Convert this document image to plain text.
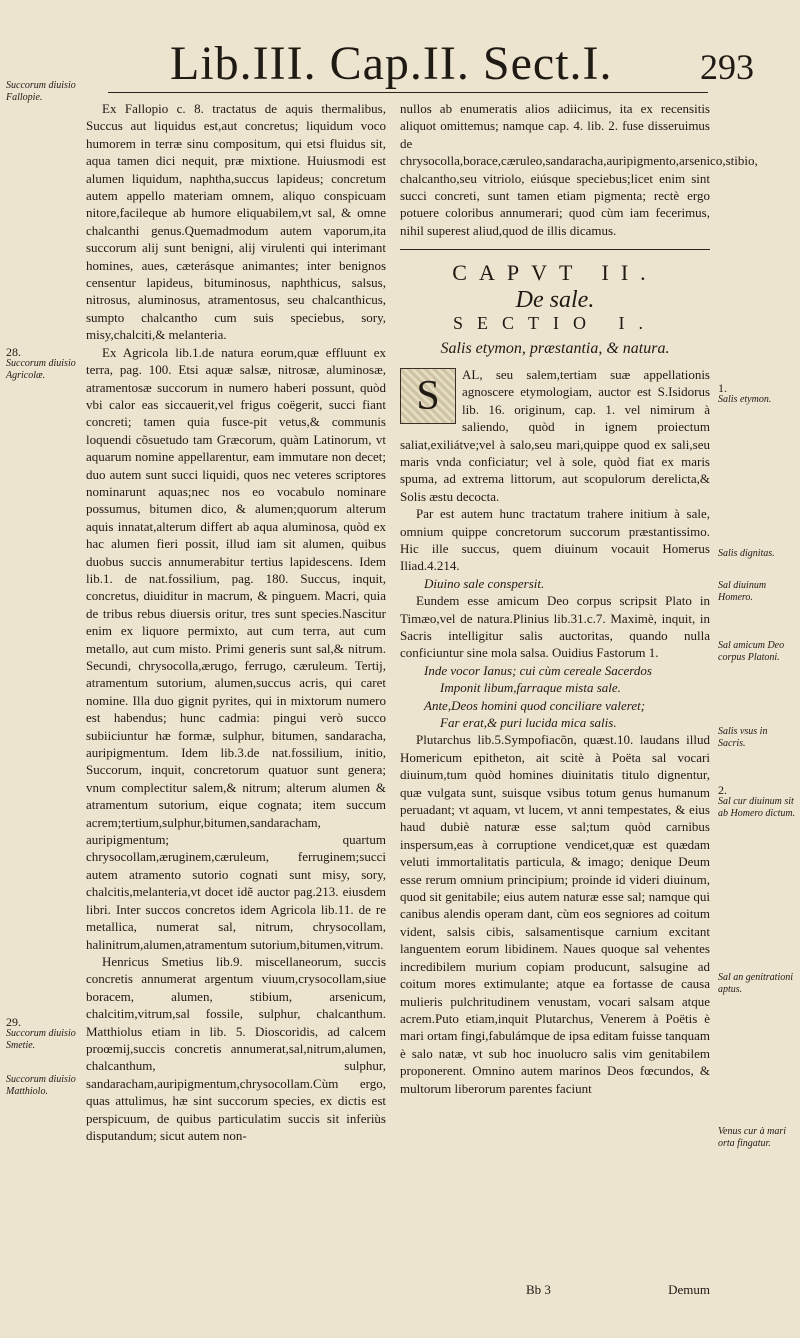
Lib.III. Cap.II. Sect.I. 293
Succorum diuisio Fallopie.
28.
Succorum diuisio Agricolæ.
29.
Succorum diuisio Smetie.
Succorum diuisio Matthiolo.
1.
Salis etymon.
Salis dignitas.
Sal diuinum Homero.
Sal amicum Deo corpus Platoni.
Salis vsus in Sacris.
2.
Sal cur diuinum sit ab Homero dictum.
Sal an genitrationi aptus.
Venus cur à mari orta fingatur.

Ex Fallopio c. 8. tractatus de aquis thermalibus, Succus aut liquidus est,aut concretus; liquidum voco humorem in terræ sinu compositum, qui etsi fluidus sit, aqua tamen dici nequit, præ mixtione. Huiusmodi est alumen liquidum, naphtha,succus lapideus; concretum autem appello materiam omnem, aliquo conspicuam nitore,facileque ab humore eliquabilem,vt sal, & omne chalcanthi genus.Quemadmodum autem vaporum,ita succorum alij sunt benigni, alij virulenti qui interimant homines, aues, cæterásque animantes; inter benignos censentur lapideus, bituminosus, naphthicus, salsus, nitrosus, aluminosus, atramentosus, seu chalcanthicus, sumpto chalcantho cum suis speciebus, sory, misy,chalciti,& melanteria.

Ex Agricola lib.1.de natura eorum,quæ effluunt ex terra, pag. 100. Etsi aquæ salsæ, nitrosæ, aluminosæ, atramentosæ succorum in numero haberi possunt, quòd vbi calor eas siccauerit,vel frigus coëgerit, succi fiant concreti; tamen quia fusce-pit vetus,& communis loquendi cõsuetudo tam Græcorum, quàm Latinorum, vt aquarum nomine appellarentur, eam immutare non decet; duo autem sunt succi liquidi, quos nec veteres scriptores nominarunt aquas;nec nos eo vocabulo nominare possumus, bitumen dico, & alumen;quorum alterum aquis innatat,alterum differt ab aqua aluminosa, quòd ex hac alumen fieri possit, illud iam sit alumen, quibus duobus succis annumerabitur tertius lapidescens. Idem lib.1. de nat.fossilium, pag. 180. Succus, inquit, concretus, diuiditur in macrum, & pinguem. Macri, quia de tribus rebus diuersis oritur, tres sunt species.Nascitur enim ex liquore permixto, aut cum terra, aut cum metallo, aut cum misto. Primi generis sunt sal,& nitrum. Secundi, chrysocolla,ærugo, ferrugo, cæruleum. Tertij, atramentum sutorium, alumen,succus acris, qui caret nomine. Illa duo gignit pyrites, qui in mixtorum numero est habendus; hunc cadmia: pingui verò succo subiiciuntur hæ formæ, sulphur, bitumen, sandaracha, auripigmentum. Idem lib.3.de nat.fossilium, initio, Succorum, inquit, concretorum quatuor sunt genera; vnum complectitur salem,& nitrum; alterum alumen & atramentum sutorium, eique cognata; item succum acrem;tertium,sulphur,bitumen,sandaracham, auripigmentum; quartum chrysocollam,æruginem,cæruleum, ferruginem;succi autem atramento sutorio cognati sunt misy, sory, chalcitis,melanteria,vt docet idẽ auctor pag.213. eiusdem libri. Inter succos concretos idem Agricola lib.11. de re metallica, numerat sal, nitrum, chrysocollam, halinitrum,alumen,atramentum sutorium,bitumen,vitrum.

Henricus Smetius lib.9. miscellaneorum, succis concretis annumerat argentum viuum,crysocollam,siue boracem, alumen, stibium, arsenicum, chalcitim,vitrum,sal fossile, sulphur, chalcanthum. Matthiolus etiam in lib. 5. Dioscoridis, ad calcem proœmij,succis concretis annumerat,sal,nitrum,alumen, chalcanthum, sulphur, sandaracham,auripigmentum,chrysocollam.Cùm ergo, quas attulimus, hæ sint succorum species, ex dictis est perspicuum, de quibus particulatim succis sit inferiùs disputandum; sicut autem non-

nullos ab enumeratis alios adiicimus, ita ex recensitis aliquot omittemus; namque cap. 4. lib. 2. fuse disseruimus de chrysocolla,borace,cæruleo,sandaracha,auripigmento,arsenico,stibio, chalcantho,seu vitriolo, eiúsque speciebus;licet enim sint succi concreti, sunt tamen etiam pigmenta; rectè ergo potuere coloribus annumerari; quod cùm iam fecerimus, nihil superest aliud,quod de illis dicamus.

CAPVT II.
De sale.
SECTIO I.
Salis etymon, præstantia, & natura.
S	AL, seu salem,tertiam suæ appellationis agnoscere etymologiam, auctor est S.Isidorus lib. 16. originum, cap. 1. vel nimirum à saliendo, quòd in ignem proiectum saliat,exiliátve;vel à salo,seu mari,quippe quod ex sali,seu maris vnda conficiatur; vel à sole, quòd fiat ex maris spuma, ad extrema littorum, aut scopulorum derelicta,& Solis æstu decocta.

Par est autem hunc tractatum trahere initium à sale, omnium quippe concretorum succorum præstantissimo. Hic ille succus, quem diuinum vocauit Homerus Iliad.4.214.

Diuino sale conspersit.

Eundem esse amicum Deo corpus scripsit Plato in Timæo,vel de natura.Plinius lib.31.c.7. Maximè, inquit, in Sacris intelligitur salis auctoritas, quando nulla conficiuntur sine mola salsa. Ouidius Fastorum 1.

Inde vocor Ianus; cui cùm cereale Sacerdos

Imponit libum,farraque mista sale.

Ante,Deos homini quod conciliare valeret;

Far erat,& puri lucida mica salis.

Plutarchus lib.5.Sympofiacõn, quæst.10. laudans illud Homericum epitheton, ait scitè à Poëta sal vocari diuinum,tum quòd homines diuinitatis titulo dignentur, quæ vulgata sunt, suisque vsibus totum genus humanum peruadant; vt aquam, vt lucem, vt anni tempestates, & eius haud dubiè naturæ esse sal;tum quòd carnibus inspersum,eas à corruptione vendicet,quæ est quædam veluti immortalitatis particula, & imago; denique Deum esse rerum omnium principium; proinde id videri diuinum, quod sit genitabile; eius autem naturæ esse sal; namque qui canibus alendis operam dant, cùm eos segniores ad coitum vident, salsis cibis, salsamentisque carnium excitant languentem eorum libidinem. Naues quoque sal vehentes incredibilem murium copiam producunt, salsugine ad coitum mores extimulante; atque ea fortasse de causa mulieris pulchritudinem venustam, vocari salsam atque acrem.Puto etiam,inquit Plutarchus, Venerem à Poëtis è mari ortam fingi,fabulámque de ipsa editam fuisse tanquam è salo natæ, vt sub hoc inuolucro salis vim genitabilem proponerent. Omnino autem marinos Deos fœcundos, & multorum liberorum parentes faciunt

Bb 3	Demum
